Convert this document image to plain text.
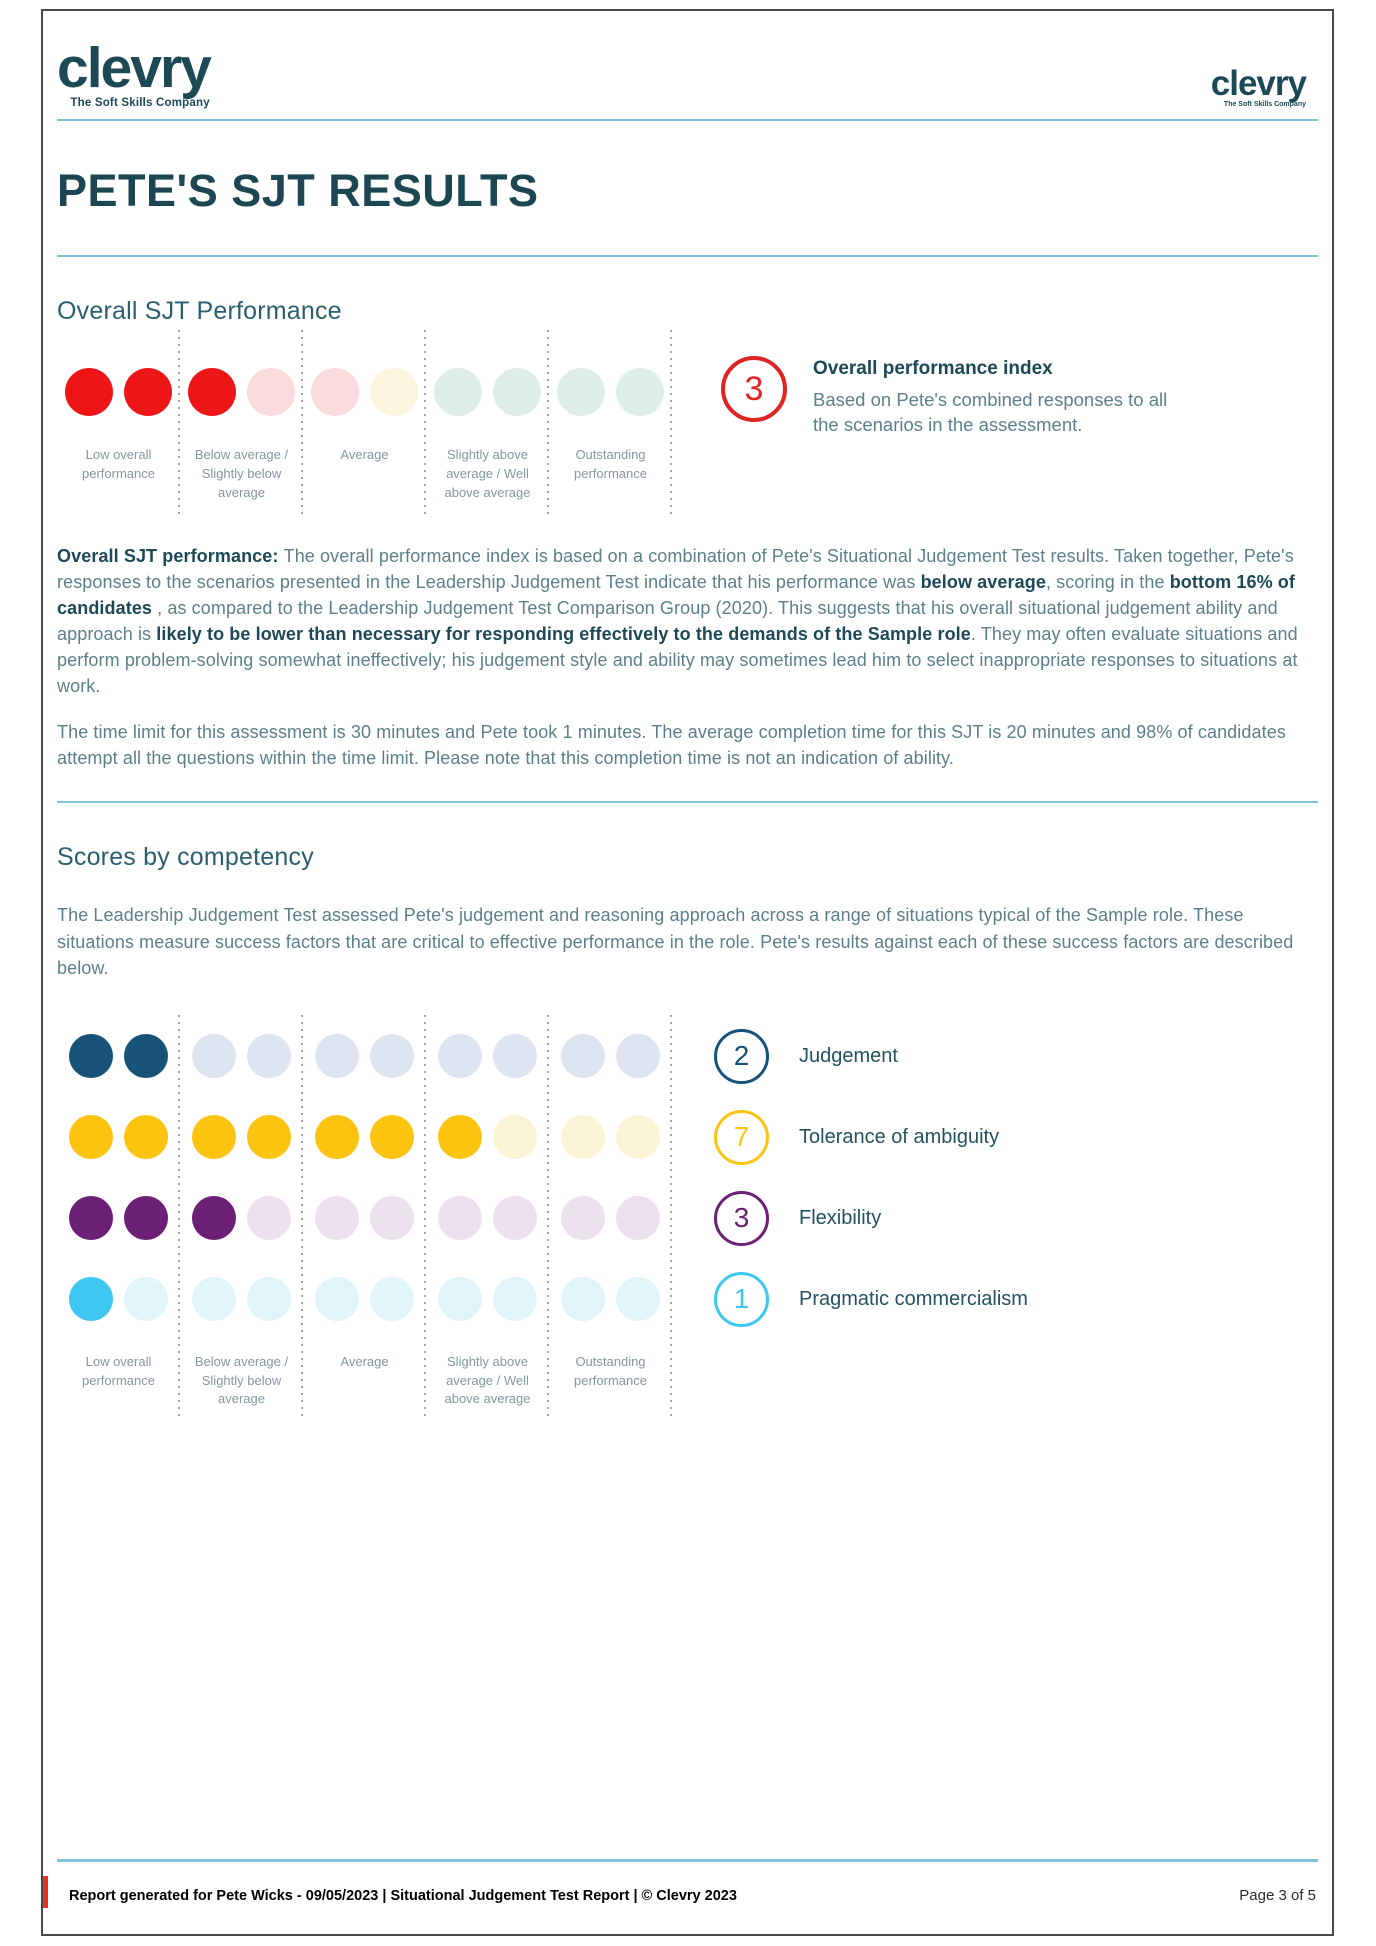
clevry
The Soft Skills Company
clevry
The Soft Skills Company
PETE'S SJT RESULTS
Overall SJT Performance
Low overall performance
Below average / Slightly below average
Average	Slightly above average / Well above average
Outstanding performance
3
Overall performance index
Based on Pete's combined responses to all the scenarios in the assessment.

Overall SJT performance: The overall performance index is based on a combination of Pete's Situational Judgement Test results. Taken together, Pete's responses to the scenarios presented in the Leadership Judgement Test indicate that his performance was below average, scoring in the bottom 16% of candidates , as compared to the Leadership Judgement Test Comparison Group (2020). This suggests that his overall situational judgement ability and approach is likely to be lower than necessary for responding effectively to the demands of the Sample role. They may often evaluate situations and perform problem-solving somewhat ineffectively; his judgement style and ability may sometimes lead him to select inappropriate responses to situations at work.

The time limit for this assessment is 30 minutes and Pete took 1 minutes. The average completion time for this SJT is 20 minutes and 98% of candidates attempt all the questions within the time limit. Please note that this completion time is not an indication of ability.

Scores by competency

The Leadership Judgement Test assessed Pete's judgement and reasoning approach across a range of situations typical of the Sample role. These situations measure success factors that are critical to effective performance in the role. Pete's results against each of these success factors are described below.

2	Judgement
7	Tolerance of ambiguity
3	Flexibility
1	Pragmatic commercialism
Low overall performance
Below average / Slightly below average
Average	Slightly above average / Well above average
Outstanding performance
Report generated for Pete Wicks - 09/05/2023 | Situational Judgement Test Report | © Clevry 2023	Page 3 of 5
